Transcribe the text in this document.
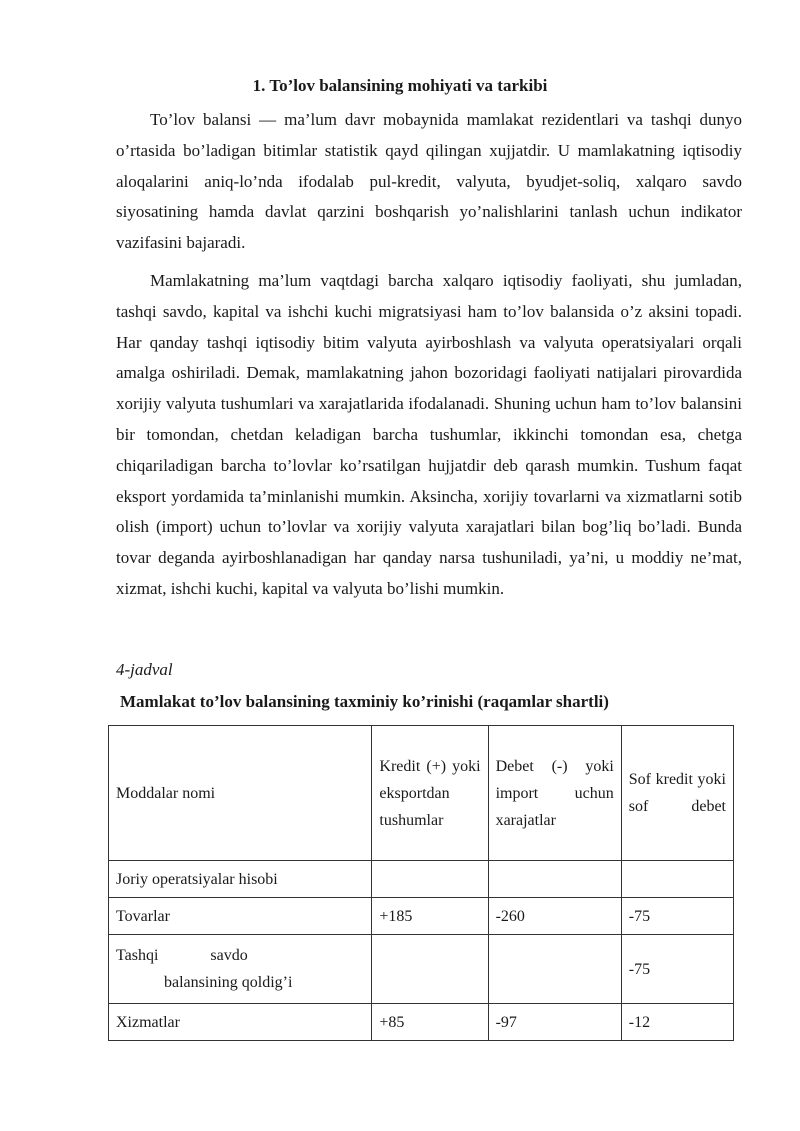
1. To’lov balansining mohiyati va tarkibi

To’lov balansi — ma’lum davr mobaynida mamlakat rezidentlari va tashqi dunyo o’rtasida bo’ladigan bitimlar statistik qayd qilingan xujjatdir. U mamlakatning iqtisodiy aloqalarini aniq-lo’nda ifodalab pul-kredit, valyuta, byudjet-soliq, xalqaro savdo siyosatining hamda davlat qarzini boshqarish yo’nalishlarini tanlash uchun indikator vazifasini bajaradi.

Mamlakatning ma’lum vaqtdagi barcha xalqaro iqtisodiy faoliyati, shu jumladan, tashqi savdo, kapital va ishchi kuchi migratsiyasi ham to’lov balansida o’z aksini topadi. Har qanday tashqi iqtisodiy bitim valyuta ayirboshlash va valyuta operatsiyalari orqali amalga oshiriladi. Demak, mamlakatning jahon bozoridagi faoliyati natijalari pirovardida xorijiy valyuta tushumlari va xarajatlarida ifodalanadi. Shuning uchun ham to’lov balansini bir tomondan, chetdan keladigan barcha tushumlar, ikkinchi tomondan esa, chetga chiqariladigan barcha to’lovlar ko’rsatilgan hujjatdir deb qarash mumkin. Tushum faqat eksport yordamida ta’minlanishi mumkin. Aksincha, xorijiy tovarlarni va xizmatlarni sotib olish (import) uchun to’lovlar va xorijiy valyuta xarajatlari bilan bog’liq bo’ladi. Bunda tovar deganda ayirboshlanadigan har qanday narsa tushuniladi, ya’ni, u moddiy ne’mat, xizmat, ishchi kuchi, kapital va valyuta bo’lishi mumkin.

4-jadval
Mamlakat to’lov balansining taxminiy ko’rinishi (raqamlar shartli)
Moddalar nomi	Kredit (+) yoki eksportdan tushumlar	Debet (-) yoki import uchun xarajatlar	Sof kredit yoki sof debet
Joriy operatsiyalar hisobi			
Tovarlar	+185	-260	-75

Tashqi savdo
balansining qoldig’i			-75
Xizmatlar	+85	-97	-12
